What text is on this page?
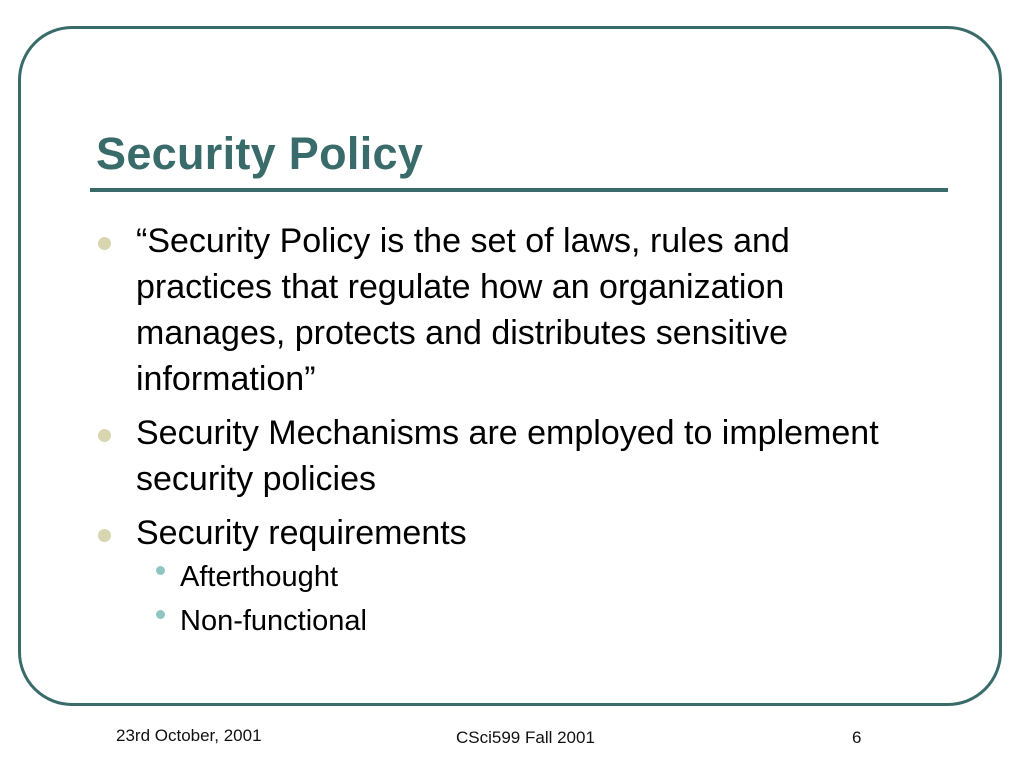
Security Policy
“Security Policy is the set of laws, rules and practices that regulate how an organization manages, protects and distributes sensitive information”
Security Mechanisms are employed to implement security policies
Security requirements
Afterthought
Non-functional
23rd October, 2001	CSci599 Fall 2001	6
